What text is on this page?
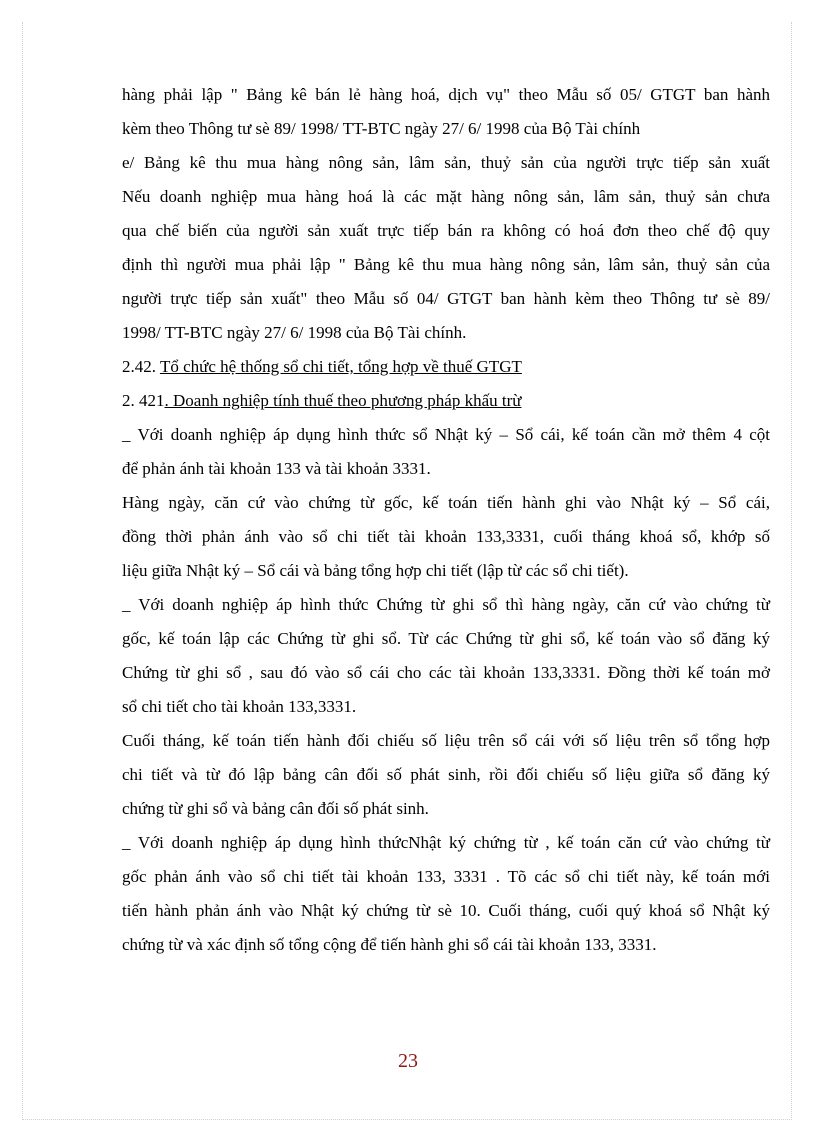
hàng phải lập " Bảng kê bán lẻ hàng hoá, dịch vụ" theo Mẫu số 05/ GTGT ban hành
kèm theo Thông tư sè 89/ 1998/ TT-BTC ngày 27/ 6/ 1998 của Bộ Tài chính
e/ Bảng kê thu mua hàng nông sản, lâm sản, thuỷ sản của người trực tiếp sản xuất
Nếu doanh nghiệp mua hàng hoá là các mặt hàng nông sản, lâm sản, thuỷ sản chưa
qua chế biến của người sản xuất trực tiếp bán ra không có hoá đơn theo chế độ quy
định thì người mua phải lập " Bảng kê thu mua hàng nông sản, lâm sản, thuỷ sản của
người trực tiếp sản xuất" theo Mẫu số 04/ GTGT ban hành kèm theo Thông tư sè 89/
1998/ TT-BTC ngày 27/ 6/ 1998 của Bộ Tài chính.
2.42. Tổ chức hệ thống sổ chi tiết, tổng hợp về thuế GTGT
2. 421. Doanh nghiệp tính thuế theo phương pháp khấu trừ
_ Với doanh nghiệp áp dụng hình thức sổ Nhật ký – Sổ cái, kế toán cần mở thêm 4 cột
để phản ánh tài khoản 133 và tài khoản 3331.
Hàng ngày, căn cứ vào chứng từ gốc, kế toán tiến hành ghi vào Nhật ký – Sổ cái,
đồng thời phản ánh vào sổ chi tiết tài khoản 133,3331, cuối tháng khoá sổ, khớp số
liệu giữa Nhật ký – Sổ cái và bảng tổng hợp chi tiết (lập từ các sổ chi tiết).
_ Với doanh nghiệp áp hình thức Chứng từ ghi sổ thì hàng ngày, căn cứ vào chứng từ
gốc, kế toán lập các Chứng từ ghi sổ. Từ các Chứng từ ghi sổ, kế toán vào sổ đăng ký
Chứng từ ghi sổ , sau đó vào sổ cái cho các tài khoản 133,3331. Đồng thời kế toán mở
sổ chi tiết cho tài khoản 133,3331.
Cuối tháng, kế toán tiến hành đối chiếu số liệu trên sổ cái với số liệu trên sổ tổng hợp
chi tiết và từ đó lập bảng cân đối số phát sinh, rồi đối chiếu số liệu giữa sổ đăng ký
chứng từ ghi sổ và bảng cân đối số phát sinh.
_ Với doanh nghiệp áp dụng hình thứcNhật ký chứng từ , kế toán căn cứ vào chứng từ
gốc phản ánh vào sổ chi tiết tài khoản 133, 3331 . Tõ các sổ chi tiết này, kế toán mới
tiến hành phản ánh vào Nhật ký chứng từ sè 10. Cuối tháng, cuối quý khoá sổ Nhật ký
chứng từ và xác định số tổng cộng để tiến hành ghi sổ cái tài khoản 133, 3331.
23
